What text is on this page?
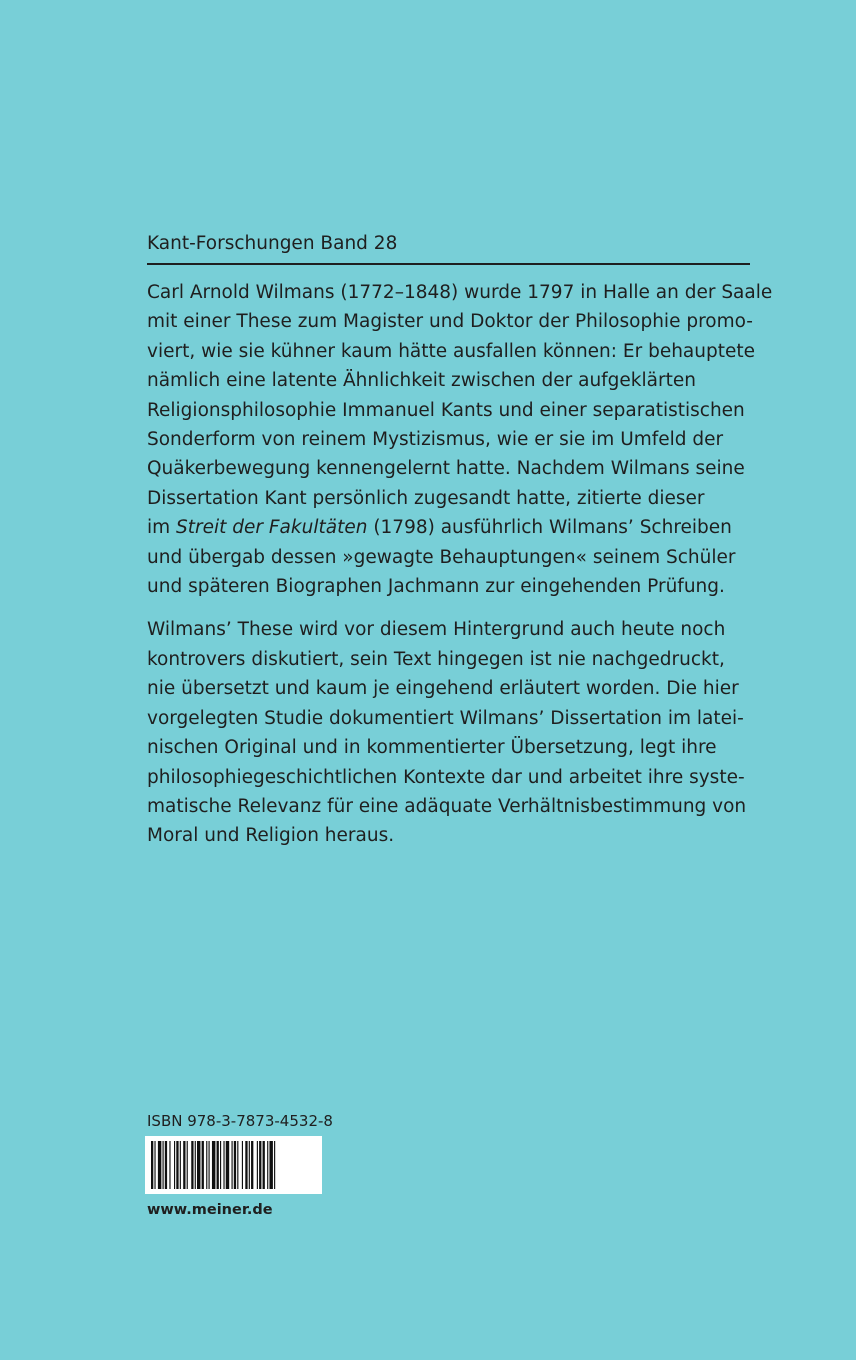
Kant-Forschungen Band 28
Carl Arnold Wilmans (1772–1848) wurde 1797 in Halle an der Saale
mit einer These zum Magister und Doktor der Philosophie promo-
viert, wie sie kühner kaum hätte ausfallen können: Er behauptete
nämlich eine latente Ähnlichkeit zwischen der aufgeklärten
Religionsphilosophie Immanuel Kants und einer separatistischen
Sonderform von reinem Mystizismus, wie er sie im Umfeld der
Quäkerbewegung kennengelernt hatte. Nachdem Wilmans seine
Dissertation Kant persönlich zugesandt hatte, zitierte dieser
im Streit der Fakultäten (1798) ausführlich Wilmans’ Schreiben
und übergab dessen »gewagte Behauptungen« seinem Schüler
und späteren Biographen Jachmann zur eingehenden Prüfung.
Wilmans’ These wird vor diesem Hintergrund auch heute noch
kontrovers diskutiert, sein Text hingegen ist nie nachgedruckt,
nie übersetzt und kaum je eingehend erläutert worden. Die hier
vorgelegten Studie dokumentiert Wilmans’ Dissertation im latei-
nischen Original und in kommentierter Übersetzung, legt ihre
philosophiegeschichtlichen Kontexte dar und arbeitet ihre syste-
matische Relevanz für eine adäquate Verhältnisbestimmung von
Moral und Religion heraus.
ISBN 978-3-7873-4532-8
www.meiner.de
